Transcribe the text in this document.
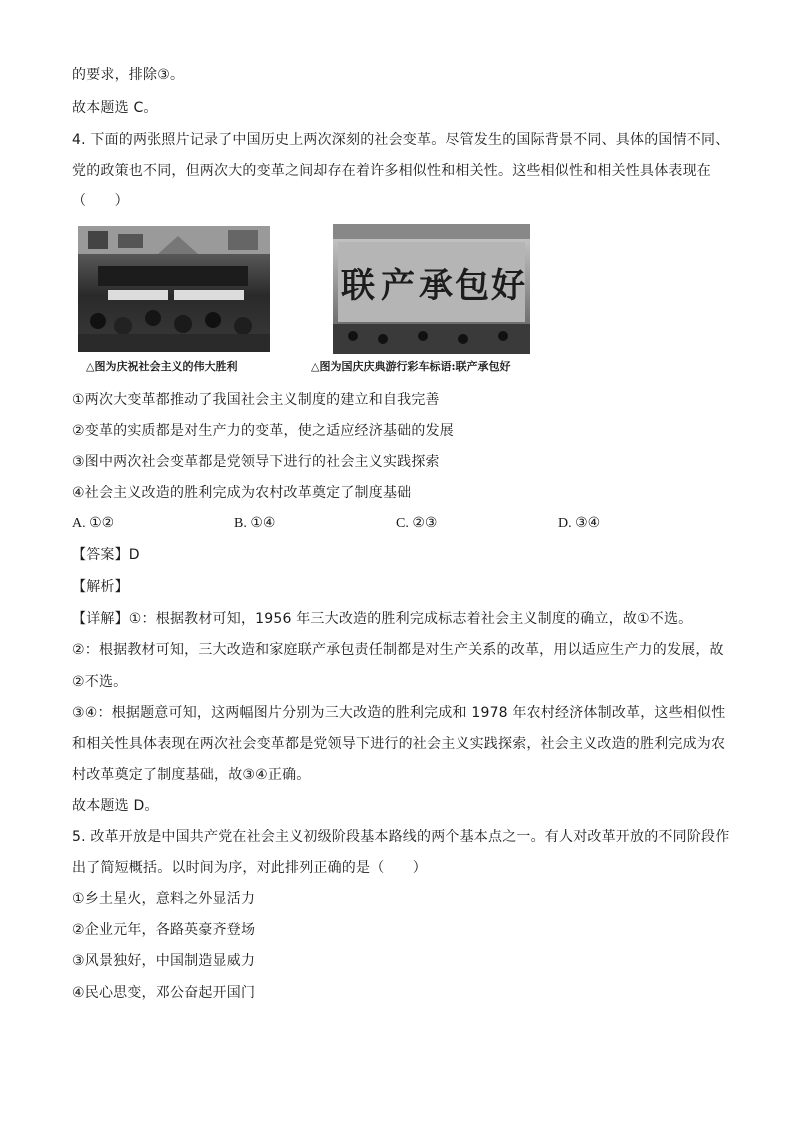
的要求，排除③。
故本题选 C。
4. 下面的两张照片记录了中国历史上两次深刻的社会变革。尽管发生的国际背景不同、具体的国情不同、
党的政策也不同，但两次大的变革之间却存在着许多相似性和相关性。这些相似性和相关性具体表现在
（　　）
△图为庆祝社会主义的伟大胜利
联 产 承 包 好
△图为国庆庆典游行彩车标语:联产承包好
①两次大变革都推动了我国社会主义制度的建立和自我完善
②变革的实质都是对生产力的变革，使之适应经济基础的发展
③图中两次社会变革都是党领导下进行的社会主义实践探索
④社会主义改造的胜利完成为农村改革奠定了制度基础
A. ①②	B. ①④	C. ②③	D. ③④
【答案】D
【解析】
【详解】①：根据教材可知，1956 年三大改造的胜利完成标志着社会主义制度的确立，故①不选。
②：根据教材可知，三大改造和家庭联产承包责任制都是对生产关系的改革，用以适应生产力的发展，故
②不选。
③④：根据题意可知，这两幅图片分别为三大改造的胜利完成和 1978 年农村经济体制改革，这些相似性
和相关性具体表现在两次社会变革都是党领导下进行的社会主义实践探索，社会主义改造的胜利完成为农
村改革奠定了制度基础，故③④正确。
故本题选 D。
5. 改革开放是中国共产党在社会主义初级阶段基本路线的两个基本点之一。有人对改革开放的不同阶段作
出了简短概括。以时间为序，对此排列正确的是（　　）
①乡土星火，意料之外显活力
②企业元年，各路英豪齐登场
③风景独好，中国制造显威力
④民心思变，邓公奋起开国门
